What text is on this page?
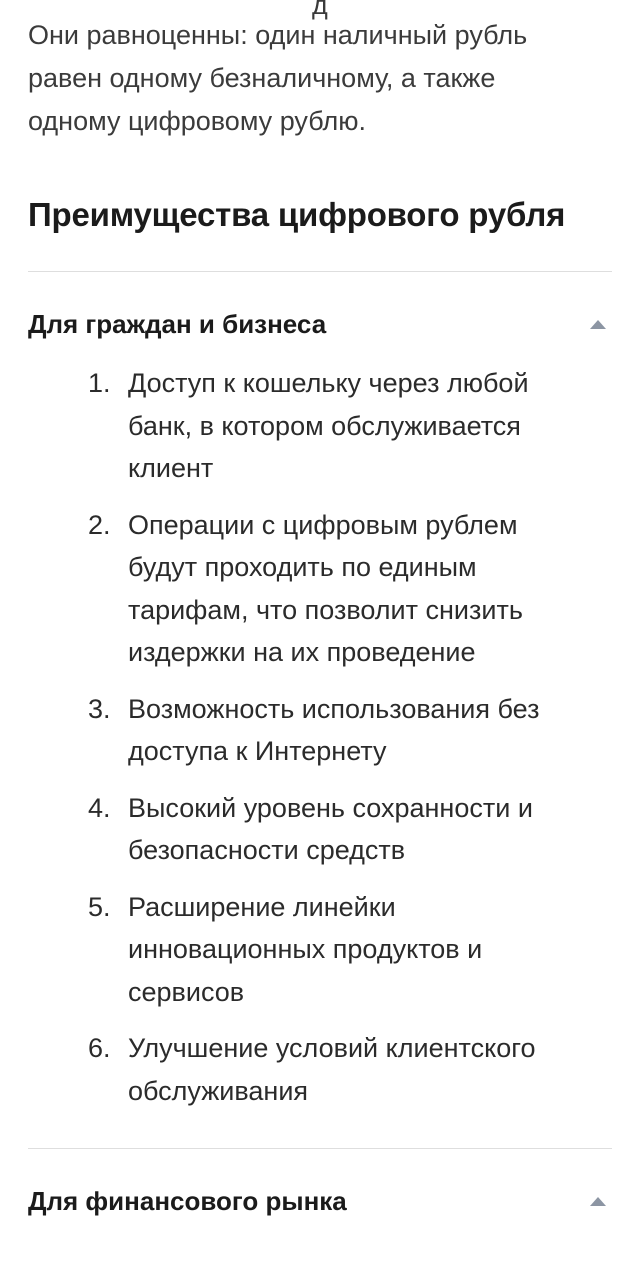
д

Они равноценны: один наличный рубль равен одному безналичному, а также одному цифровому рублю.

Преимущества цифрового рубля
Для граждан и бизнеса
1. Доступ к кошельку через любой банк, в котором обслуживается клиент
2. Операции с цифровым рублем будут проходить по единым тарифам, что позволит снизить издержки на их проведение
3. Возможность использования без доступа к Интернету
4. Высокий уровень сохранности и безопасности средств
5. Расширение линейки инновационных продуктов и сервисов
6. Улучшение условий клиентского обслуживания
Для финансового рынка
